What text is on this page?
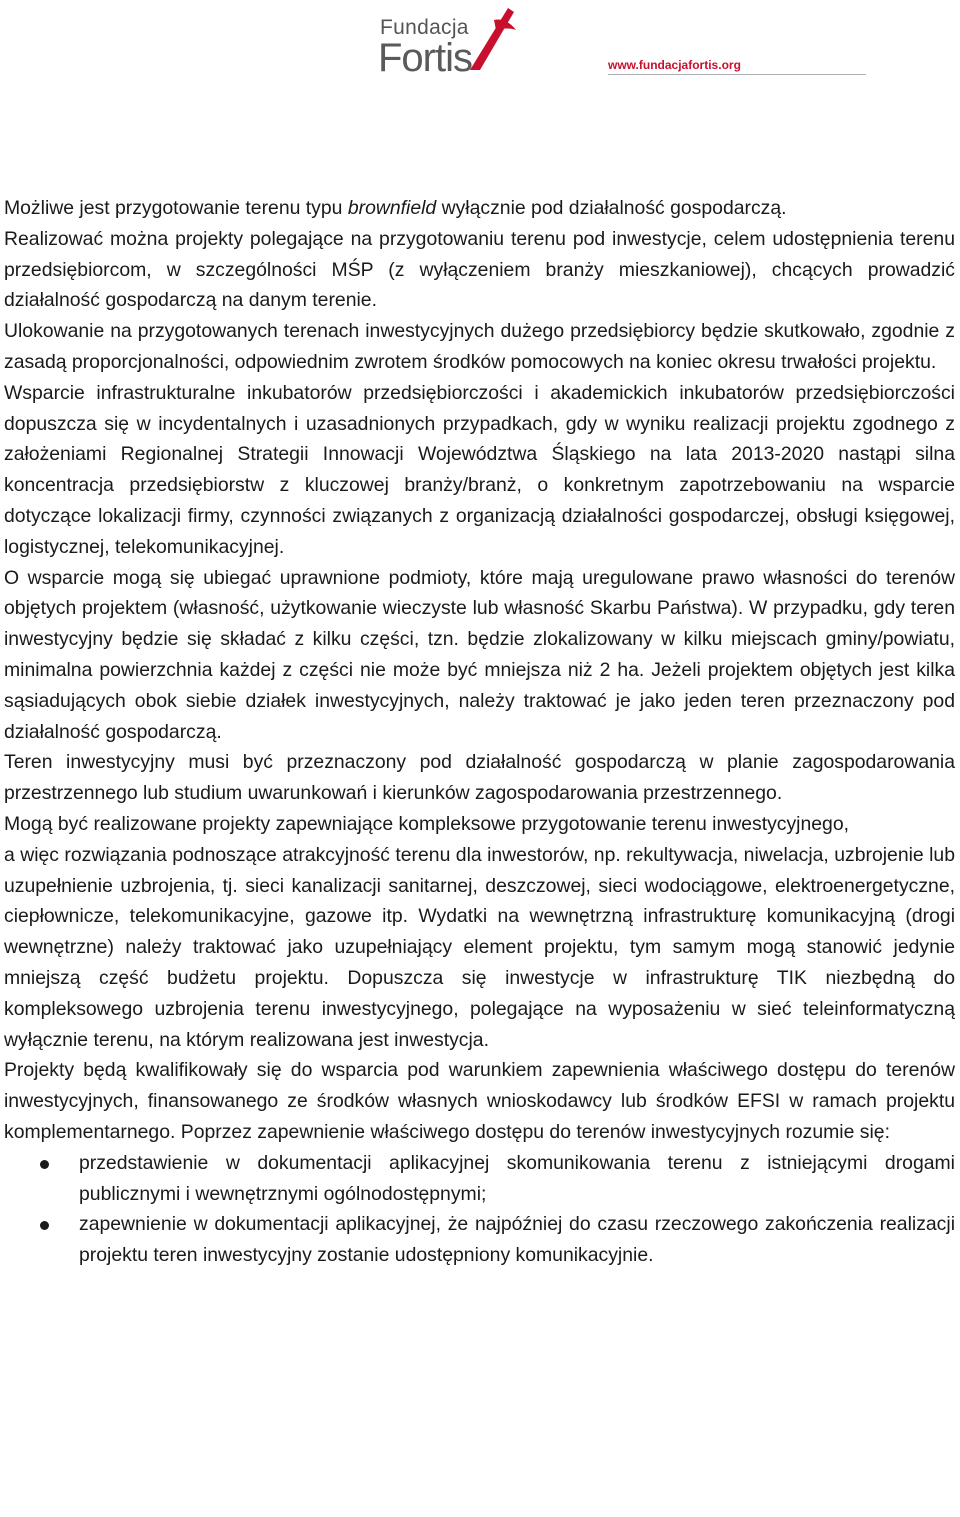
Fundacja
Fortis	www.fundacjafortis.org

Możliwe jest przygotowanie terenu typu brownfield wyłącznie pod działalność gospodarczą.

Realizować można projekty polegające na przygotowaniu terenu pod inwestycje, celem udostępnienia terenu przedsiębiorcom, w szczególności MŚP (z wyłączeniem branży mieszkaniowej), chcących prowadzić działalność gospodarczą na danym terenie.

Ulokowanie na przygotowanych terenach inwestycyjnych dużego przedsiębiorcy będzie skutkowało, zgodnie z zasadą proporcjonalności, odpowiednim zwrotem środków pomocowych na koniec okresu trwałości projektu.

Wsparcie infrastrukturalne inkubatorów przedsiębiorczości i akademickich inkubatorów przedsiębiorczości dopuszcza się w incydentalnych i uzasadnionych przypadkach, gdy w wyniku realizacji projektu zgodnego z założeniami Regionalnej Strategii Innowacji Województwa Śląskiego na lata 2013-2020 nastąpi silna koncentracja przedsiębiorstw z kluczowej branży/branż, o konkretnym zapotrzebowaniu na wsparcie dotyczące lokalizacji firmy, czynności związanych z organizacją działalności gospodarczej, obsługi księgowej, logistycznej, telekomunikacyjnej.

O wsparcie mogą się ubiegać uprawnione podmioty, które mają uregulowane prawo własności do terenów objętych projektem (własność, użytkowanie wieczyste lub własność Skarbu Państwa). W przypadku, gdy teren inwestycyjny będzie się składać z kilku części, tzn. będzie zlokalizowany w kilku miejscach gminy/powiatu, minimalna powierzchnia każdej z części nie może być mniejsza niż 2 ha. Jeżeli projektem objętych jest kilka sąsiadujących obok siebie działek inwestycyjnych, należy traktować je jako jeden teren przeznaczony pod działalność gospodarczą.

Teren inwestycyjny musi być przeznaczony pod działalność gospodarczą w planie zagospodarowania przestrzennego lub studium uwarunkowań i kierunków zagospodarowania przestrzennego.

Mogą być realizowane projekty zapewniające kompleksowe przygotowanie terenu inwestycyjnego,

a więc rozwiązania podnoszące atrakcyjność terenu dla inwestorów, np. rekultywacja, niwelacja, uzbrojenie lub uzupełnienie uzbrojenia, tj. sieci kanalizacji sanitarnej, deszczowej, sieci wodociągowe, elektroenergetyczne, ciepłownicze, telekomunikacyjne, gazowe itp. Wydatki na wewnętrzną infrastrukturę komunikacyjną (drogi wewnętrzne) należy traktować jako uzupełniający element projektu, tym samym mogą stanowić jedynie mniejszą część budżetu projektu. Dopuszcza się inwestycje w infrastrukturę TIK niezbędną do kompleksowego uzbrojenia terenu inwestycyjnego, polegające na wyposażeniu w sieć teleinformatyczną wyłącznie terenu, na którym realizowana jest inwestycja.

Projekty będą kwalifikowały się do wsparcia pod warunkiem zapewnienia właściwego dostępu do terenów inwestycyjnych, finansowanego ze środków własnych wnioskodawcy lub środków EFSI w ramach projektu komplementarnego. Poprzez zapewnienie właściwego dostępu do terenów inwestycyjnych rozumie się:

przedstawienie w dokumentacji aplikacyjnej skomunikowania terenu z istniejącymi drogami publicznymi i wewnętrznymi ogólnodostępnymi;
zapewnienie w dokumentacji aplikacyjnej, że najpóźniej do czasu rzeczowego zakończenia realizacji projektu teren inwestycyjny zostanie udostępniony komunikacyjnie.
